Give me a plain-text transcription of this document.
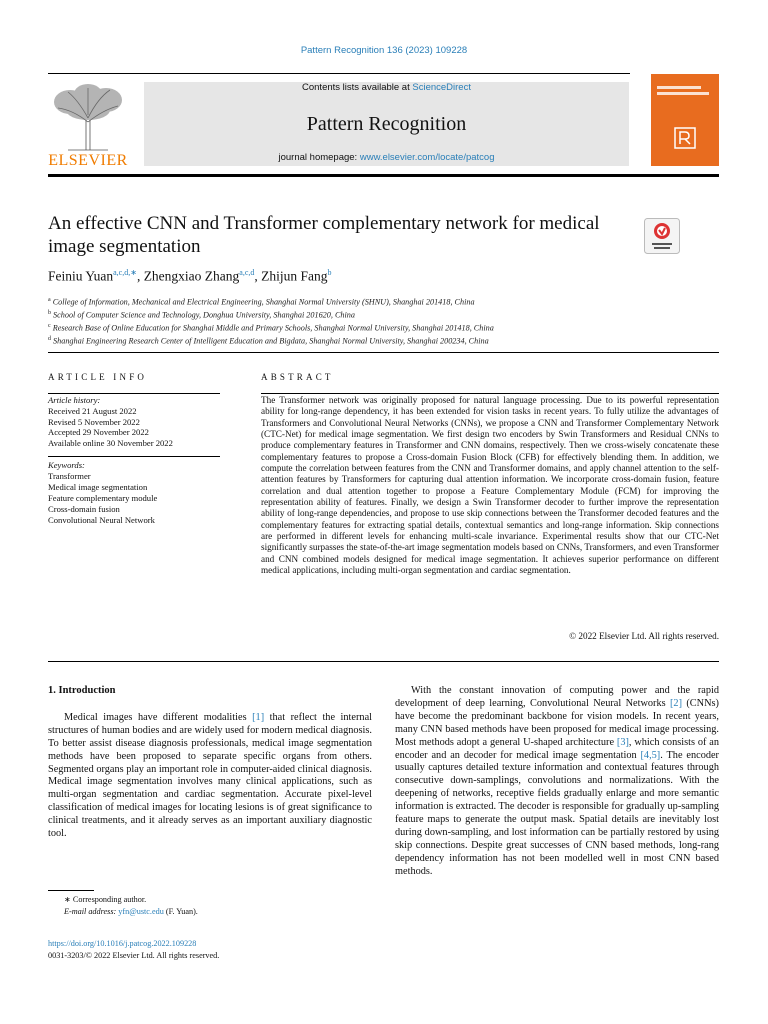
Pattern Recognition 136 (2023) 109228
ELSEVIER
Contents lists available at ScienceDirect
Pattern Recognition
journal homepage: www.elsevier.com/locate/patcog
An effective CNN and Transformer complementary network for medical image segmentation
Feiniu Yuan$^{a,c,d,∗}$, Zhengxiao Zhang$^{a,c,d}$, Zhijun Fang$^b$
$^a$ College of Information, Mechanical and Electrical Engineering, Shanghai Normal University (SHNU), Shanghai 201418, China
$^b$ School of Computer Science and Technology, Donghua University, Shanghai 201620, China
$^c$ Research Base of Online Education for Shanghai Middle and Primary Schools, Shanghai Normal University, Shanghai 201418, China
$^d$ Shanghai Engineering Research Center of Intelligent Education and Bigdata, Shanghai Normal University, Shanghai 200234, China
ARTICLE INFO	ABSTRACT
Article history:
Received 21 August 2022
Revised 5 November 2022
Accepted 29 November 2022
Available online 30 November 2022
Keywords:
Transformer
Medical image segmentation
Feature complementary module
Cross-domain fusion
Convolutional Neural Network
The Transformer network was originally proposed for natural language processing. Due to its powerful representation ability for long-range dependency, it has been extended for vision tasks in recent years. To fully utilize the advantages of Transformers and Convolutional Neural Networks (CNNs), we propose a CNN and Transformer Complementary Network (CTC-Net) for medical image segmentation. We first design two encoders by Swin Transformers and Residual CNNs to produce complementary features in Transformer and CNN domains, respectively. Then we cross-wisely concatenate these complementary features to propose a Cross-domain Fusion Block (CFB) for effectively blending them. In addition, we compute the correlation between features from the CNN and Transformer domains, and apply channel attention to the self-attention features by Transformers for capturing dual attention information. We incorporate cross-domain fusion, feature correlation and dual attention together to propose a Feature Complementary Module (FCM) for improving the representation ability of features. Finally, we design a Swin Transformer decoder to further improve the representation ability of long-range dependencies, and propose to use skip connections between the Transformer decoded features and the complementary features for extracting spatial details, contextual semantics and long-range information. Skip connections are performed in different levels for enhancing multi-scale invariance. Experimental results show that our CTC-Net significantly surpasses the state-of-the-art image segmentation models based on CNNs, Transformers, and even Transformer and CNN combined models designed for medical image segmentation. It achieves superior performance on different medical applications, including multi-organ segmentation and cardiac segmentation.
© 2022 Elsevier Ltd. All rights reserved.
1. Introduction

Medical images have different modalities [1] that reflect the internal structures of human bodies and are widely used for modern medical diagnosis. To better assist disease diagnosis professionals, medical image segmentation methods have been proposed to separate specific organs from others. Segmented organs play an important role in computer-aided clinical diagnosis. Medical image segmentation involves many clinical applications, such as multi-organ segmentation and cardiac segmentation. Accurate pixel-level classification of medical images for locating lesions is of great significance to clinical treatments, and it already serves as an important auxiliary diagnostic tool.

With the constant innovation of computing power and the rapid development of deep learning, Convolutional Neural Networks [2] (CNNs) have become the predominant backbone for vision models. In recent years, many CNN based methods have been proposed for medical image processing. Most methods adopt a general U-shaped architecture [3], which consists of an encoder and an decoder for medical image segmentation [4,5]. The encoder usually captures detailed texture information and contextual features through consecutive down-samplings, convolutions and normalizations. With the deepening of networks, receptive fields gradually enlarge and more semantic information is extracted. The decoder is responsible for gradually up-sampling feature maps to generate the output mask. Spatial details are inevitably lost during down-sampling, and lost information can be partially restored by using skip connections. Despite great successes of CNN based methods, long-rang dependency information has not been modelled well in most CNN based methods.

∗ Corresponding author.
E-mail address: yfn@ustc.edu (F. Yuan).
https://doi.org/10.1016/j.patcog.2022.109228
0031-3203/© 2022 Elsevier Ltd. All rights reserved.
